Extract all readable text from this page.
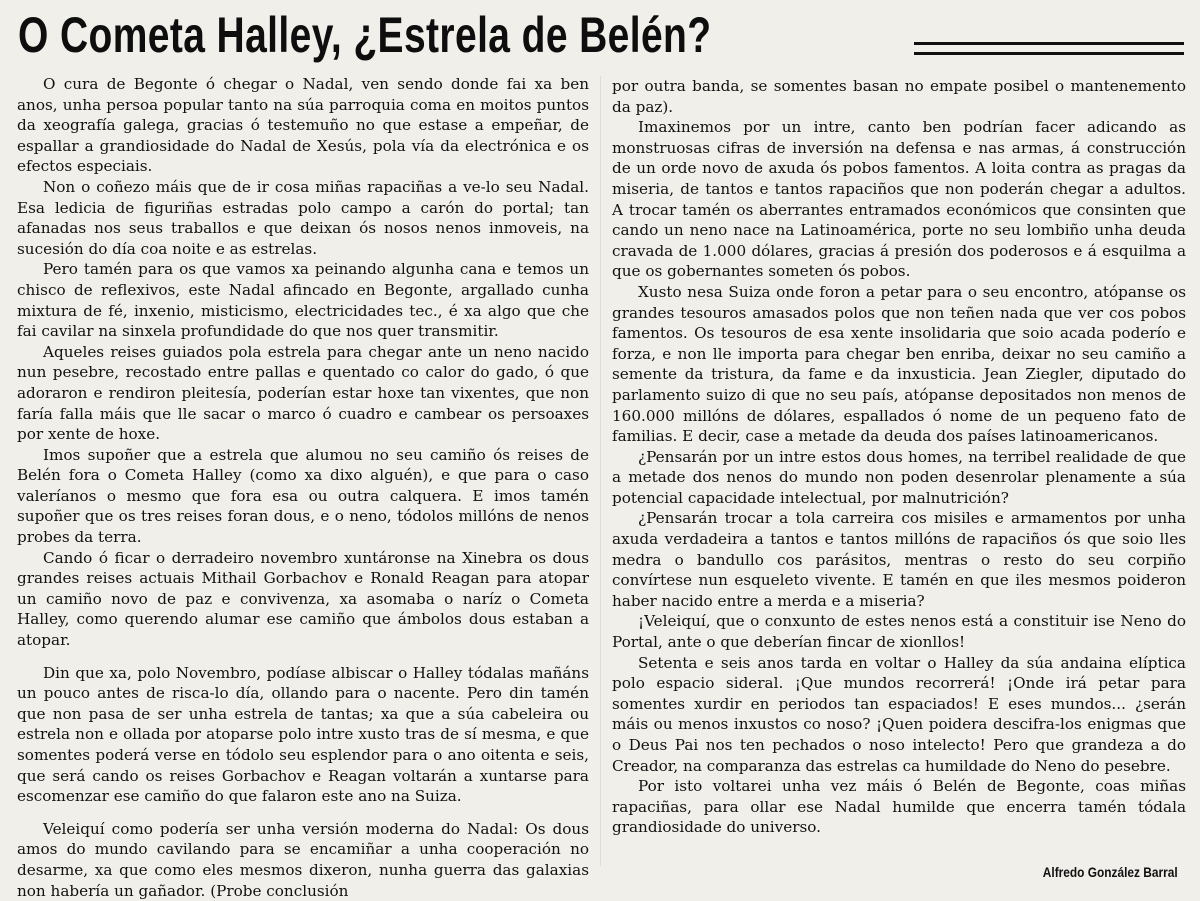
O Cometa Halley, ¿Estrela de Belén?

O cura de Begonte ó chegar o Nadal, ven sendo donde fai xa ben anos, unha persoa popular tanto na súa parroquia coma en moitos puntos da xeografía galega, gracias ó testemuño no que estase a empeñar, de espallar a grandiosidade do Nadal de Xesús, pola vía da electrónica e os efectos especiais.

Non o coñezo máis que de ir cosa miñas rapaciñas a ve-lo seu Nadal. Esa ledicia de figuriñas estradas polo campo a carón do portal; tan afanadas nos seus traballos e que deixan ós nosos nenos inmoveis, na sucesión do día coa noite e as estrelas.

Pero tamén para os que vamos xa peinando algunha cana e temos un chisco de reflexivos, este Nadal afincado en Begonte, argallado cunha mixtura de fé, inxenio, misticismo, electricidades tec., é xa algo que che fai cavilar na sinxela profundidade do que nos quer transmitir.

Aqueles reises guiados pola estrela para chegar ante un neno nacido nun pesebre, recostado entre pallas e quentado co calor do gado, ó que adoraron e rendiron pleitesía, poderían estar hoxe tan vixentes, que non faría falla máis que lle sacar o marco ó cuadro e cambear os persoaxes por xente de hoxe.

Imos supoñer que a estrela que alumou no seu camiño ós reises de Belén fora o Cometa Halley (como xa dixo alguén), e que para o caso valeríanos o mesmo que fora esa ou outra calquera. E imos tamén supoñer que os tres reises foran dous, e o neno, tódolos millóns de nenos probes da terra.

Cando ó ficar o derradeiro novembro xuntáronse na Xinebra os dous grandes reises actuais Mithail Gorbachov e Ronald Reagan para atopar un camiño novo de paz e convivenza, xa asomaba o naríz o Cometa Halley, como querendo alumar ese camiño que ámbolos dous estaban a atopar.

Din que xa, polo Novembro, podíase albiscar o Halley tódalas mañáns un pouco antes de risca-lo día, ollando para o nacente. Pero din tamén que non pasa de ser unha estrela de tantas; xa que a súa cabeleira ou estrela non e ollada por atoparse polo intre xusto tras de sí mesma, e que somentes poderá verse en tódolo seu esplendor para o ano oitenta e seis, que será cando os reises Gorbachov e Reagan voltarán a xuntarse para escomenzar ese camiño do que falaron este ano na Suiza.

Veleiquí como podería ser unha versión moderna do Nadal: Os dous amos do mundo cavilando para se encamiñar a unha cooperación no desarme, xa que como eles mesmos dixeron, nunha guerra das galaxias non habería un gañador. (Probe conclusión

por outra banda, se somentes basan no empate posibel o mantenemento da paz).

Imaxinemos por un intre, canto ben podrían facer adicando as monstruosas cifras de inversión na defensa e nas armas, á construcción de un orde novo de axuda ós pobos famentos. A loita contra as pragas da miseria, de tantos e tantos rapaciños que non poderán chegar a adultos. A trocar tamén os aberrantes entramados económicos que consinten que cando un neno nace na Latinoamérica, porte no seu lombiño unha deuda cravada de 1.000 dólares, gracias á presión dos poderosos e á esquilma a que os gobernantes someten ós pobos.

Xusto nesa Suiza onde foron a petar para o seu encontro, atópanse os grandes tesouros amasados polos que non teñen nada que ver cos pobos famentos. Os tesouros de esa xente insolidaria que soio acada poderío e forza, e non lle importa para chegar ben enriba, deixar no seu camiño a semente da tristura, da fame e da inxusticia. Jean Ziegler, diputado do parlamento suizo di que no seu país, atópanse depositados non menos de 160.000 millóns de dólares, espallados ó nome de un pequeno fato de familias. E decir, case a metade da deuda dos países latinoamericanos.

¿Pensarán por un intre estos dous homes, na terribel realidade de que a metade dos nenos do mundo non poden desenrolar plenamente a súa potencial capacidade intelectual, por malnutrición?

¿Pensarán trocar a tola carreira cos misiles e armamentos por unha axuda verdadeira a tantos e tantos millóns de rapaciños ós que soio lles medra o bandullo cos parásitos, mentras o resto do seu corpiño convírtese nun esqueleto vivente. E tamén en que iles mesmos poideron haber nacido entre a merda e a miseria?

¡Veleiquí, que o conxunto de estes nenos está a constituir ise Neno do Portal, ante o que deberían fincar de xionllos!

Setenta e seis anos tarda en voltar o Halley da súa andaina elíptica polo espacio sideral. ¡Que mundos recorrerá! ¡Onde irá petar para somentes xurdir en periodos tan espaciados! E eses mundos... ¿serán máis ou menos inxustos co noso? ¡Quen poidera descifra-los enigmas que o Deus Pai nos ten pechados o noso intelecto! Pero que grandeza a do Creador, na comparanza das estrelas ca humildade do Neno do pesebre.

Por isto voltarei unha vez máis ó Belén de Begonte, coas miñas rapaciñas, para ollar ese Nadal humilde que encerra tamén tódala grandiosidade do universo.

Alfredo González Barral
